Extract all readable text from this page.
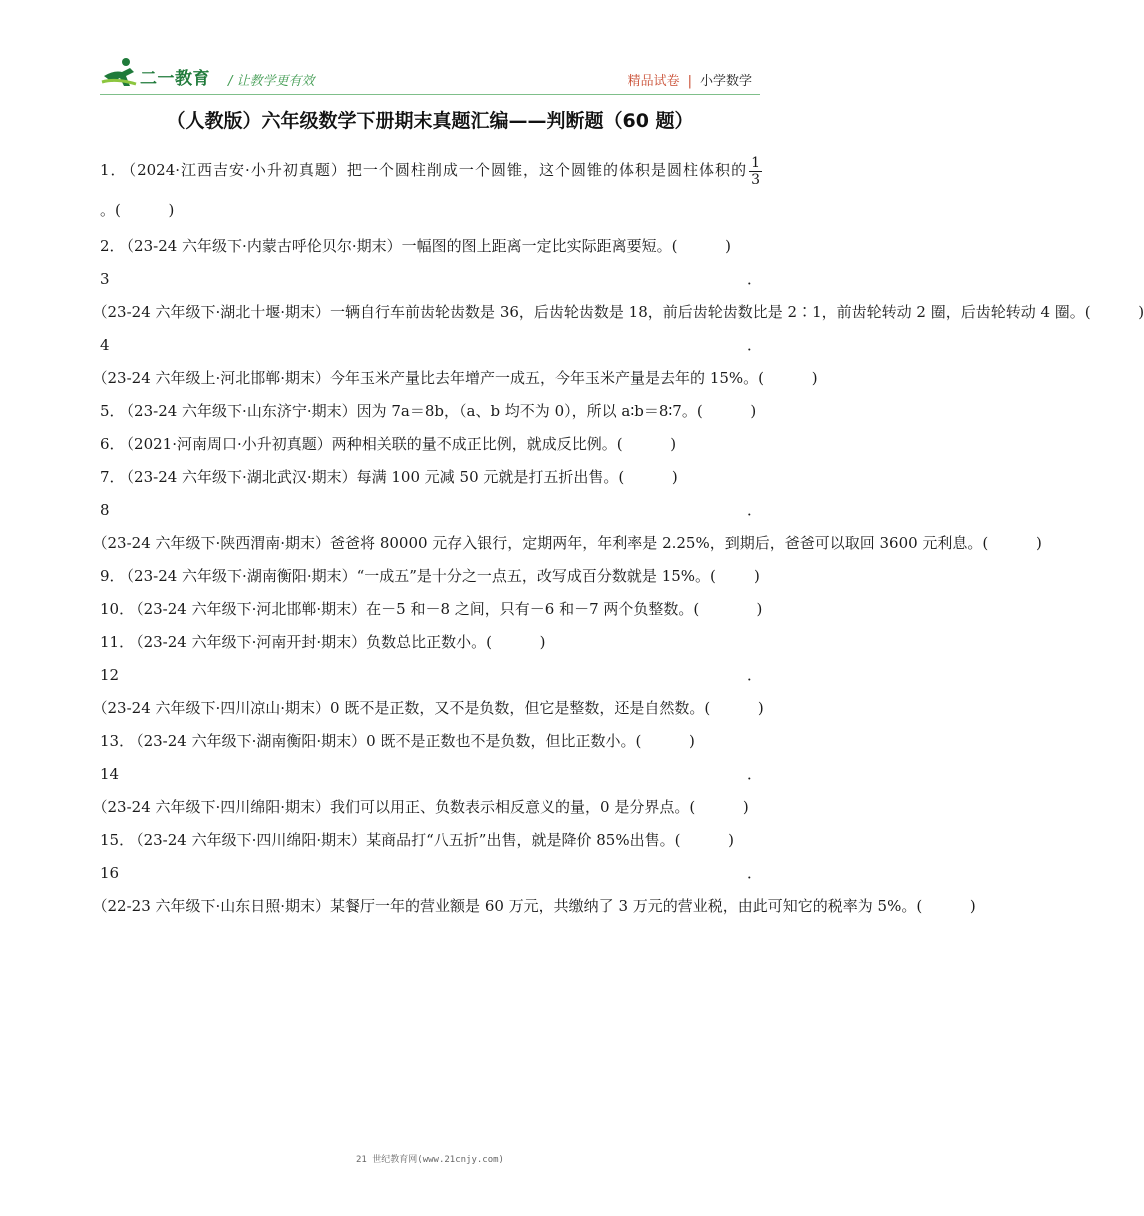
二一教育 / 让教学更有效	精品试卷 | 小学数学
（人教版）六年级数学下册期末真题汇编——判断题（60 题）
1． （2024·江西吉安·小升初真题）把一个圆柱削成一个圆锥，这个圆锥的体积是圆柱体积的 $\frac{1}{3}$
。(          )
2． （23-24 六年级下·内蒙古呼伦贝尔·期末）一幅图的图上距离一定比实际距离要短。(          )
3．（23-24 六年级下·湖北十堰·期末）一辆自行车前齿轮齿数是 36，后齿轮齿数是 18，前后齿轮齿数比是 2∶1，前齿轮转动 2 圈，后齿轮转动 4 圈。(          )
4．（23-24 六年级上·河北邯郸·期末）今年玉米产量比去年增产一成五，今年玉米产量是去年的 15%。(          )
5． （23-24 六年级下·山东济宁·期末）因为 7a＝8b，（a、b 均不为 0），所以 a∶b＝8∶7。(          )
6． （2021·河南周口·小升初真题）两种相关联的量不成正比例，就成反比例。(          )
7． （23-24 六年级下·湖北武汉·期末）每满 100 元减 50 元就是打五折出售。(          )
8．（23-24 六年级下·陕西渭南·期末）爸爸将 80000 元存入银行，定期两年，年利率是 2.25%，到期后，爸爸可以取回 3600 元利息。(          )
9． （23-24 六年级下·湖南衡阳·期末）“一成五”是十分之一点五，改写成百分数就是 15%。(        )
10． （23-24 六年级下·河北邯郸·期末）在－5 和－8 之间，只有－6 和－7 两个负整数。(            )
11． （23-24 六年级下·河南开封·期末）负数总比正数小。(          )
12．（23-24 六年级下·四川凉山·期末）0 既不是正数，又不是负数，但它是整数，还是自然数。(          )
13． （23-24 六年级下·湖南衡阳·期末）0 既不是正数也不是负数，但比正数小。(          )
14．（23-24 六年级下·四川绵阳·期末）我们可以用正、负数表示相反意义的量，0 是分界点。(          )
15． （23-24 六年级下·四川绵阳·期末）某商品打“八五折”出售，就是降价 85%出售。(          )
16．（22-23 六年级下·山东日照·期末）某餐厅一年的营业额是 60 万元，共缴纳了 3 万元的营业税，由此可知它的税率为 5%。(          )
21 世纪教育网(www.21cnjy.com)
